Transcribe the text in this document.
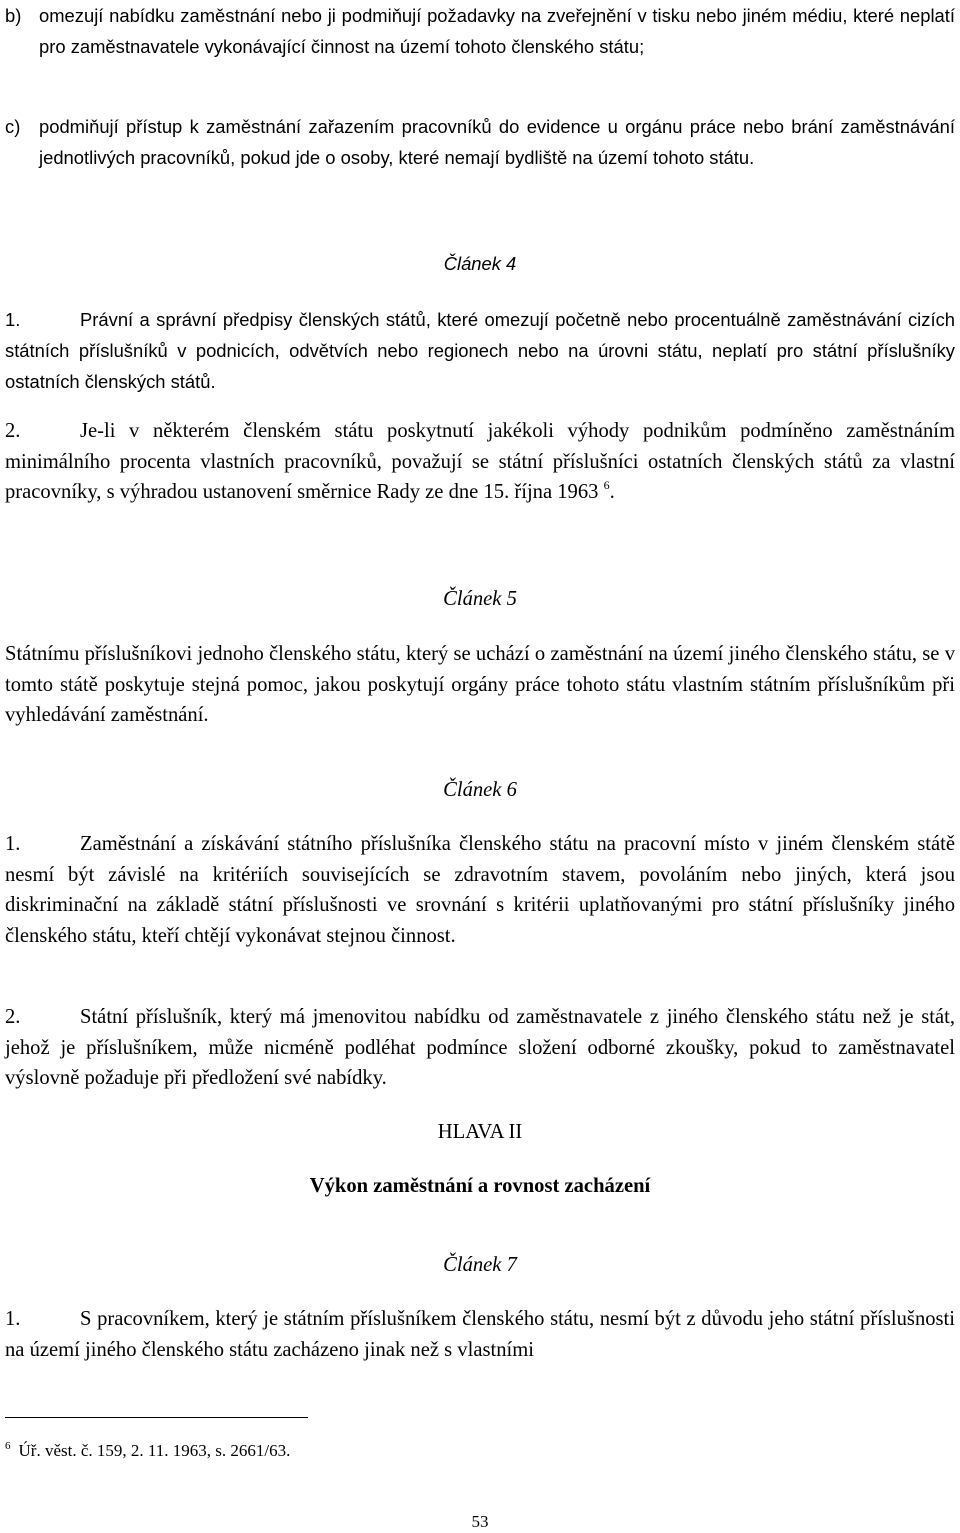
b) omezují nabídku zaměstnání nebo ji podmiňují požadavky na zveřejnění v tisku nebo jiném médiu, které neplatí pro zaměstnavatele vykonávající činnost na území tohoto členského státu;
c) podmiňují přístup k zaměstnání zařazením pracovníků do evidence u orgánu práce nebo brání zaměstnávání jednotlivých pracovníků, pokud jde o osoby, které nemají bydliště na území tohoto státu.
Článek 4
1.	Právní a správní předpisy členských států, které omezují početně nebo procentuálně zaměstnávání cizích státních příslušníků v podnicích, odvětvích nebo regionech nebo na úrovni státu, neplatí pro státní příslušníky ostatních členských států.
2.	Je-li v některém členském státu poskytnutí jakékoli výhody podnikům podmíněno zaměstnáním minimálního procenta vlastních pracovníků, považují se státní příslušníci ostatních členských států za vlastní pracovníky, s výhradou ustanovení směrnice Rady ze dne 15. října 1963 $^6$.
Článek 5
Státnímu příslušníkovi jednoho členského státu, který se uchází o zaměstnání na území jiného členského státu, se v tomto státě poskytuje stejná pomoc, jakou poskytují orgány práce tohoto státu vlastním státním příslušníkům při vyhledávání zaměstnání.
Článek 6
1.	Zaměstnání a získávání státního příslušníka členského státu na pracovní místo v jiném členském státě nesmí být závislé na kritériích souvisejících se zdravotním stavem, povoláním nebo jiných, která jsou diskriminační na základě státní příslušnosti ve srovnání s kritérii uplatňovanými pro státní příslušníky jiného členského státu, kteří chtějí vykonávat stejnou činnost.
2.	Státní příslušník, který má jmenovitou nabídku od zaměstnavatele z jiného členského státu než je stát, jehož je příslušníkem, může nicméně podléhat podmínce složení odborné zkoušky, pokud to zaměstnavatel výslovně požaduje při předložení své nabídky.
HLAVA II
Výkon zaměstnání a rovnost zacházení
Článek 7
1.	S pracovníkem, který je státním příslušníkem členského státu, nesmí být z důvodu jeho státní příslušnosti na území jiného členského státu zacházeno jinak než s vlastními
$^6$ Úř. věst. č. 159, 2. 11. 1963, s. 2661/63.
53
